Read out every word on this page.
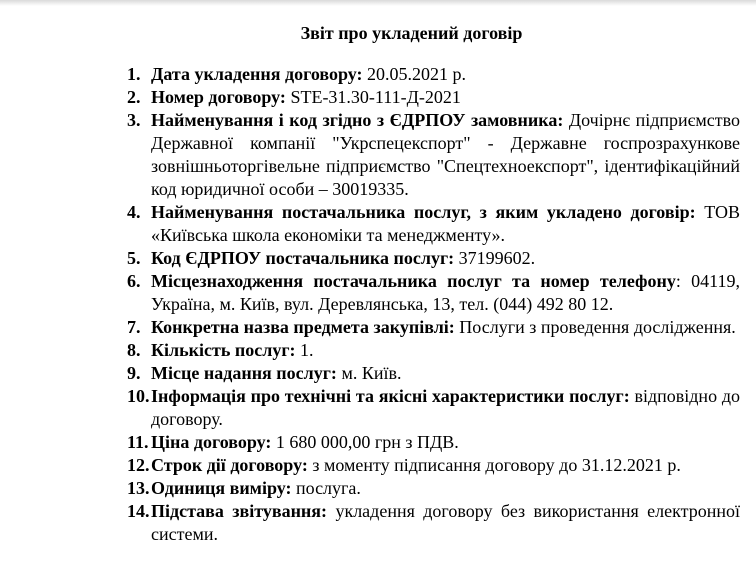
Звіт про укладений договір
1. Дата укладення договору: 20.05.2021 р.
2. Номер договору: STE-31.30-111-Д-2021
3. Найменування і код згідно з ЄДРПОУ замовника: Дочірнє підприємство Державної компанії "Укрспецекспорт" - Державне госпрозрахункове зовнішньоторгівельне підприємство "Спецтехноекспорт", ідентифікаційний код юридичної особи – 30019335.
4. Найменування постачальника послуг, з яким укладено договір: ТОВ «Київська школа економіки та менеджменту».
5. Код ЄДРПОУ постачальника послуг: 37199602.
6. Місцезнаходження постачальника послуг та номер телефону: 04119, Україна, м. Київ, вул. Деревлянська, 13, тел. (044) 492 80 12.
7. Конкретна назва предмета закупівлі: Послуги з проведення дослідження.
8. Кількість послуг: 1.
9. Місце надання послуг: м. Київ.
10. Інформація про технічні та якісні характеристики послуг: відповідно до договору.
11. Ціна договору: 1 680 000,00 грн з ПДВ.
12. Строк дії договору: з моменту підписання договору до 31.12.2021 р.
13. Одиниця виміру: послуга.
14. Підстава звітування: укладення договору без використання електронної системи.
